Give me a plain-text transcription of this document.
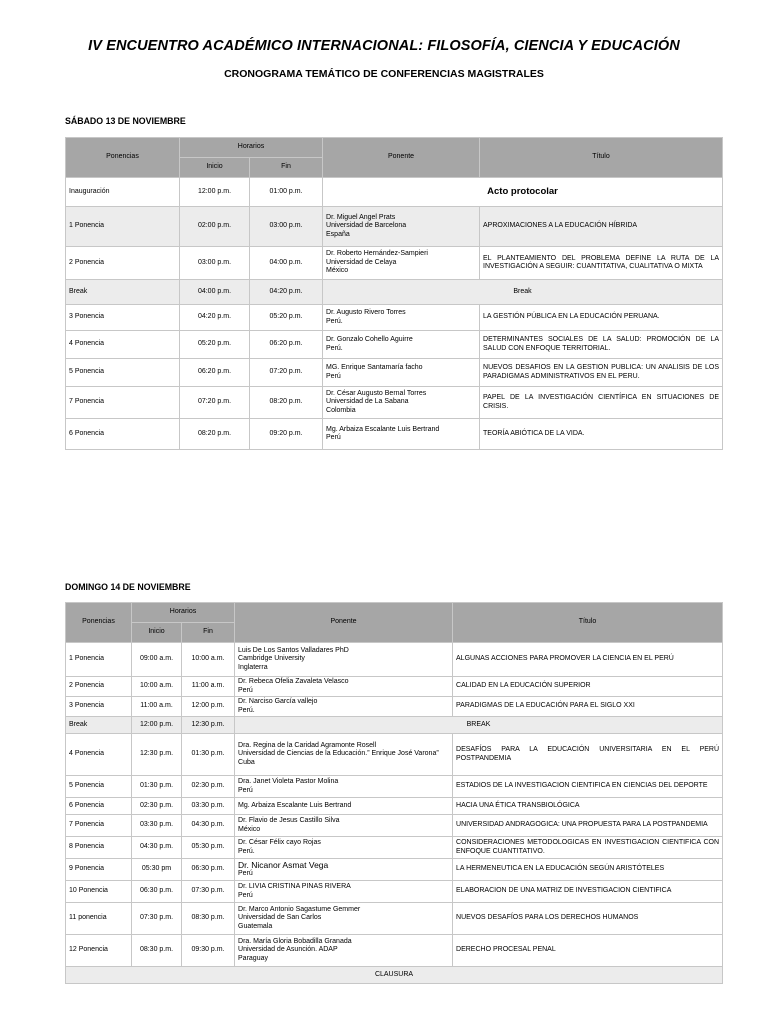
IV ENCUENTRO ACADÉMICO INTERNACIONAL: FILOSOFÍA, CIENCIA Y EDUCACIÓN
CRONOGRAMA TEMÁTICO DE CONFERENCIAS MAGISTRALES
SÁBADO 13 DE NOVIEMBRE
Ponencias	Horarios		Ponente	Título
	Inicio	Fin		
Inauguración	12:00 p.m.	01:00 p.m.	Acto protocolar	
1 Ponencia	02:00 p.m.	03:00 p.m.	Dr. Miguel Angel Prats
Universidad de Barcelona
España	APROXIMACIONES A LA EDUCACIÓN HÍBRIDA
2 Ponencia	03:00 p.m.	04:00 p.m.	Dr. Roberto Hernández-Sampieri
Universidad de Celaya
México	EL PLANTEAMIENTO DEL PROBLEMA DEFINE LA RUTA DE LA INVESTIGACIÓN A SEGUIR: CUANTITATIVA, CUALITATIVA O MIXTA
Break	04:00 p.m.	04:20 p.m.	Break	
3 Ponencia	04:20 p.m.	05:20 p.m.	Dr. Augusto Rivero Torres
Perú.	LA GESTIÓN PÚBLICA EN LA EDUCACIÓN PERUANA.
4 Ponencia	05:20 p.m.	06:20 p.m.	Dr. Gonzalo Cohello Aguirre
Perú.	DETERMINANTES SOCIALES DE LA SALUD: PROMOCIÓN DE LA SALUD CON ENFOQUE TERRITORIAL.
5 Ponencia	06:20 p.m.	07:20 p.m.	MG. Enrique Santamaría facho
Perú	NUEVOS DESAFIOS EN LA GESTION PUBLICA: UN ANALISIS DE LOS PARADIGMAS ADMINISTRATIVOS EN EL PERU.
7 Ponencia	07:20 p.m.	08:20 p.m.	Dr. César Augusto Bernal Torres
Universidad de La Sabana
Colombia	PAPEL DE LA INVESTIGACIÓN CIENTÍFICA EN SITUACIONES DE CRISIS.
6 Ponencia	08:20 p.m.	09:20 p.m.	Mg. Arbaiza Escalante Luis Bertrand
Perú	TEORÍA ABIÓTICA DE LA VIDA.
DOMINGO 14 DE NOVIEMBRE
Ponencias	Horarios		Ponente	Título
	Inicio	Fin		
1 Ponencia	09:00 a.m.	10:00 a.m.	Luis De Los Santos Valladares PhD
Cambridge University
Inglaterra	ALGUNAS ACCIONES PARA PROMOVER LA CIENCIA EN EL PERÚ
2 Ponencia	10:00 a.m.	11:00 a.m.	Dr. Rebeca Ofelia Zavaleta Velasco
Perú	CALIDAD EN LA EDUCACIÓN SUPERIOR
3 Ponencia	11:00 a.m.	12:00 p.m.	Dr. Narciso García vallejo
Perú.	PARADIGMAS DE LA EDUCACIÓN PARA EL SIGLO XXI
Break	12:00 p.m.	12:30 p.m.	BREAK	
4 Ponencia	12:30 p.m.	01:30 p.m.	Dra. Regina de la Caridad Agramonte Rosell
Universidad de Ciencias de la Educación.” Enrique José Varona”
Cuba	DESAFÍOS PARA LA EDUCACIÓN UNIVERSITARIA EN EL PERÚ POSTPANDEMIA
5 Ponencia	01:30 p.m.	02:30 p.m.	Dra. Janet Violeta Pastor Molina
Perú	ESTADIOS DE LA INVESTIGACION CIENTIFICA EN CIENCIAS DEL DEPORTE
6 Ponencia	02:30 p.m.	03:30 p.m.	Mg. Arbaiza Escalante Luis Bertrand	HACIA UNA ÉTICA TRANSBIOLÓGICA
7 Ponencia	03:30 p.m.	04:30 p.m.	Dr. Flavio de Jesus Castillo Silva
México	UNIVERSIDAD ANDRAGOGICA: UNA PROPUESTA PARA LA POSTPANDEMIA
8 Ponencia	04:30 p.m.	05:30 p.m.	Dr. César Félix cayo Rojas
Perú.	CONSIDERACIONES METODOLOGICAS EN INVESTIGACION CIENTIFICA CON ENFOQUE CUANTITATIVO.
9 Ponencia	05:30 pm	06:30 p.m.	Dr. Nicanor Asmat Vega
Perú	LA HERMENEUTICA EN LA EDUCACIÓN SEGÚN ARISTÓTELES
10 Ponencia	06:30 p.m.	07:30 p.m.	Dr. LIVIA CRISTINA PINAS RIVERA
Perú	ELABORACION DE UNA MATRIZ DE INVESTIGACION CIENTIFICA
11 ponencia	07:30 p.m.	08:30 p.m.	Dr. Marco Antonio Sagastume Gemmer
Universidad de San Carlos
Guatemala	NUEVOS DESAFÍOS PARA LOS DERECHOS HUMANOS
12 Ponencia	08:30 p.m.	09:30 p.m.	Dra. María Gloria Bobadilla Granada
Universidad de Asunción. ADAP
Paraguay	DERECHO PROCESAL PENAL
CLAUSURA				
